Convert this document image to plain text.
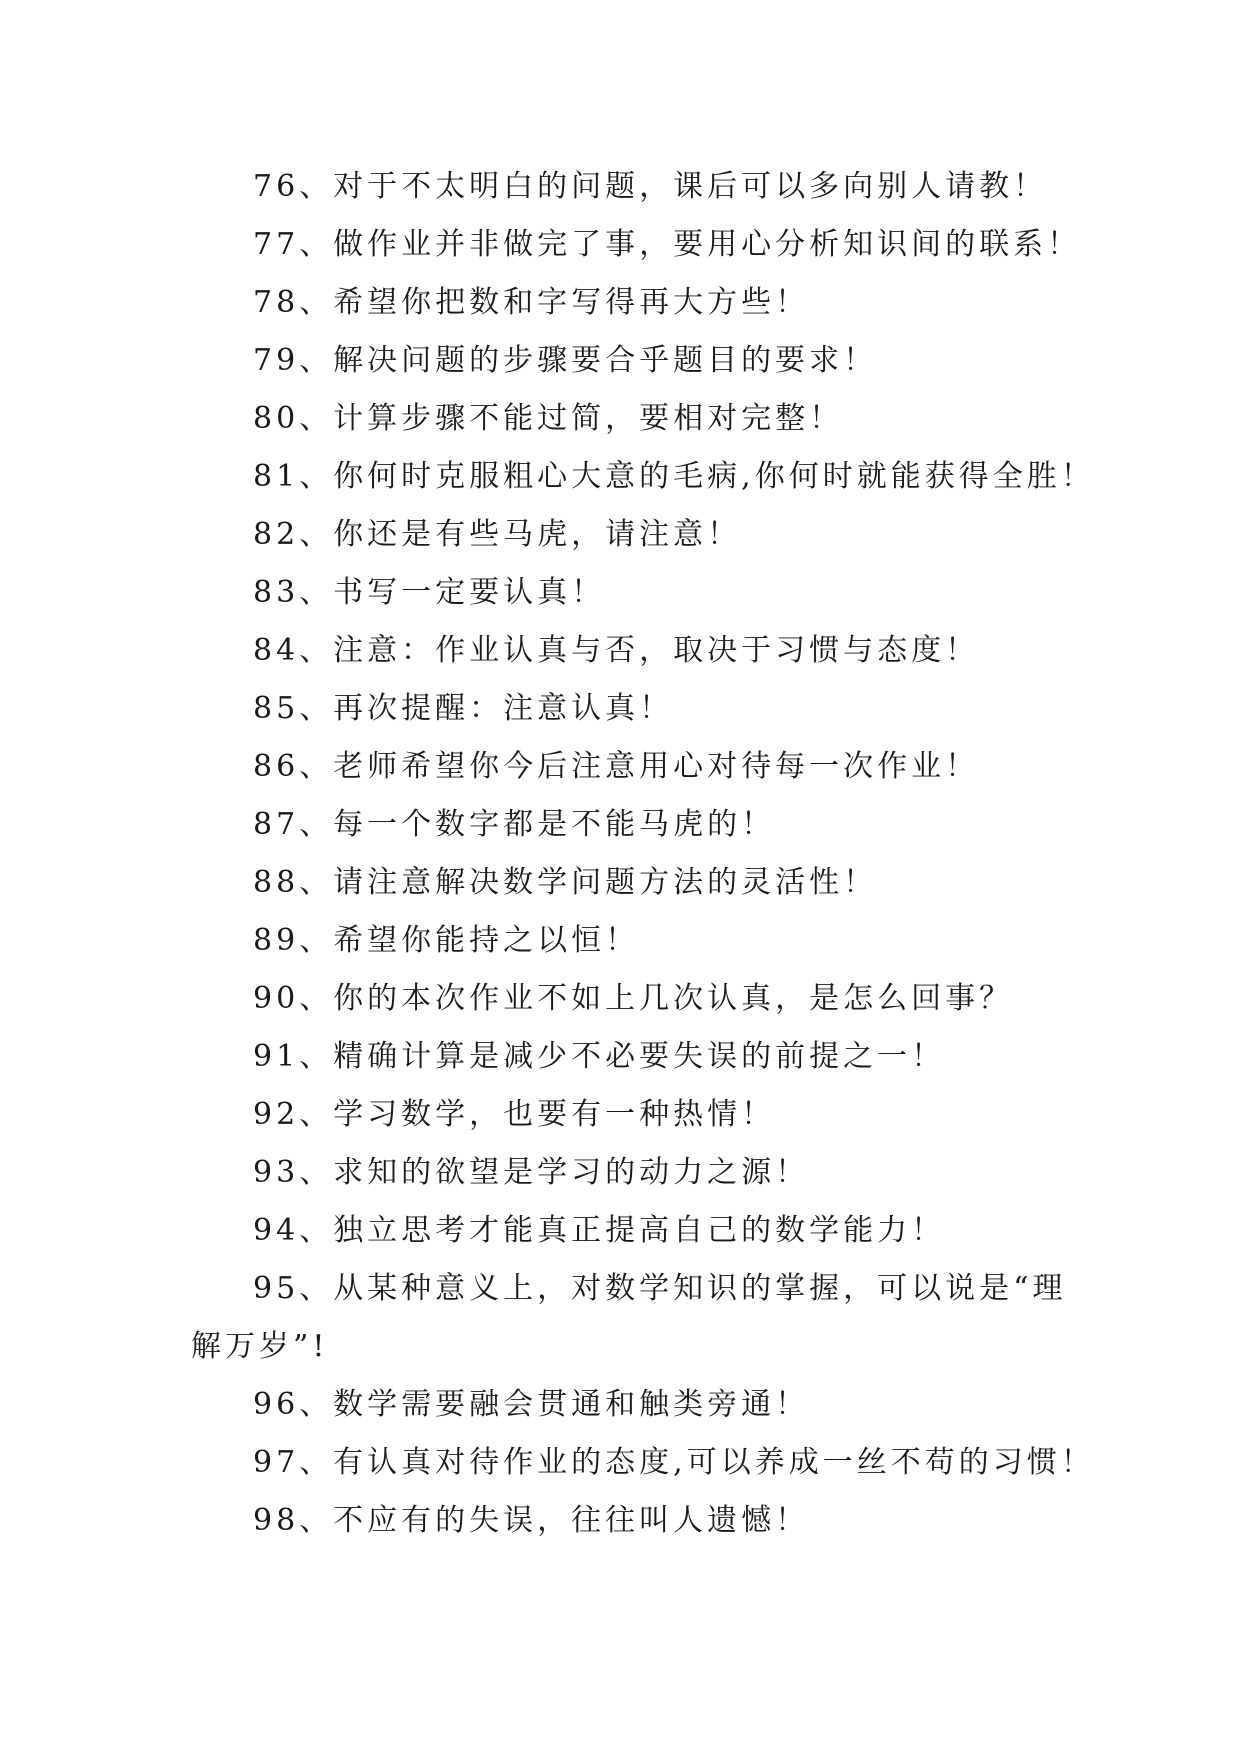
76、对于不太明白的问题，课后可以多向别人请教！
77、做作业并非做完了事，要用心分析知识间的联系！
78、希望你把数和字写得再大方些！
79、解决问题的步骤要合乎题目的要求！
80、计算步骤不能过简，要相对完整！
81、你何时克服粗心大意的毛病,你何时就能获得全胜！
82、你还是有些马虎，请注意！
83、书写一定要认真！
84、注意：作业认真与否，取决于习惯与态度！
85、再次提醒：注意认真！
86、老师希望你今后注意用心对待每一次作业！
87、每一个数字都是不能马虎的！
88、请注意解决数学问题方法的灵活性！
89、希望你能持之以恒！
90、你的本次作业不如上几次认真，是怎么回事？
91、精确计算是减少不必要失误的前提之一！
92、学习数学，也要有一种热情！
93、求知的欲望是学习的动力之源！
94、独立思考才能真正提高自己的数学能力！
95、从某种意义上，对数学知识的掌握，可以说是“理
解万岁”!
96、数学需要融会贯通和触类旁通！
97、有认真对待作业的态度,可以养成一丝不苟的习惯！
98、不应有的失误，往往叫人遗憾！
